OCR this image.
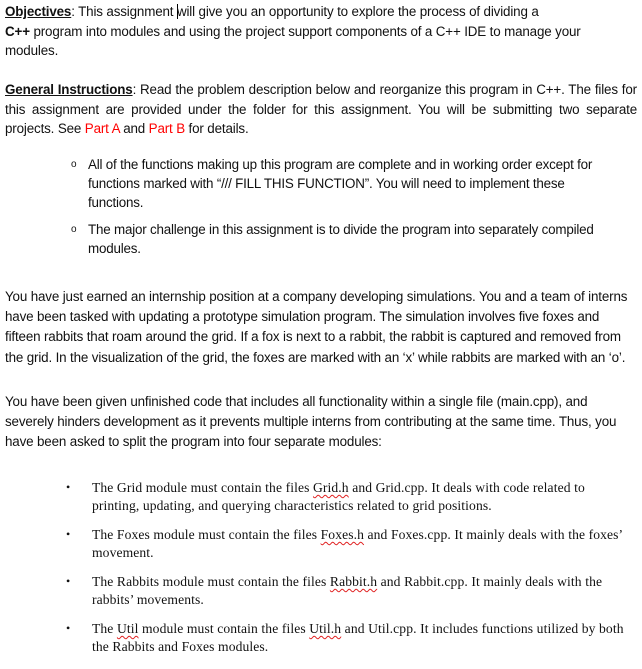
Objectives: This assignment will give you an opportunity to explore the process of dividing a
C++ program into modules and using the project support components of a C++ IDE to manage your modules.
General Instructions: Read the problem description below and reorganize this program in C++. The files for this assignment are provided under the folder for this assignment. You will be submitting two separate projects. See Part A and Part B for details.
o All of the functions making up this program are complete and in working order except for functions marked with “/// FILL THIS FUNCTION”. You will need to implement these functions.
o The major challenge in this assignment is to divide the program into separately compiled modules.
You have just earned an internship position at a company developing simulations. You and a team of interns have been tasked with updating a prototype simulation program. The simulation involves five foxes and fifteen rabbits that roam around the grid. If a fox is next to a rabbit, the rabbit is captured and removed from the grid. In the visualization of the grid, the foxes are marked with an ‘x’ while rabbits are marked with an ‘o’.
You have been given unfinished code that includes all functionality within a single file (main.cpp), and severely hinders development as it prevents multiple interns from contributing at the same time. Thus, you have been asked to split the program into four separate modules:
• The Grid module must contain the files Grid.h and Grid.cpp. It deals with code related to printing, updating, and querying characteristics related to grid positions.
• The Foxes module must contain the files Foxes.h and Foxes.cpp. It mainly deals with the foxes’ movement.
• The Rabbits module must contain the files Rabbit.h and Rabbit.cpp. It mainly deals with the rabbits’ movements.
• The Util module must contain the files Util.h and Util.cpp. It includes functions utilized by both the Rabbits and Foxes modules.
